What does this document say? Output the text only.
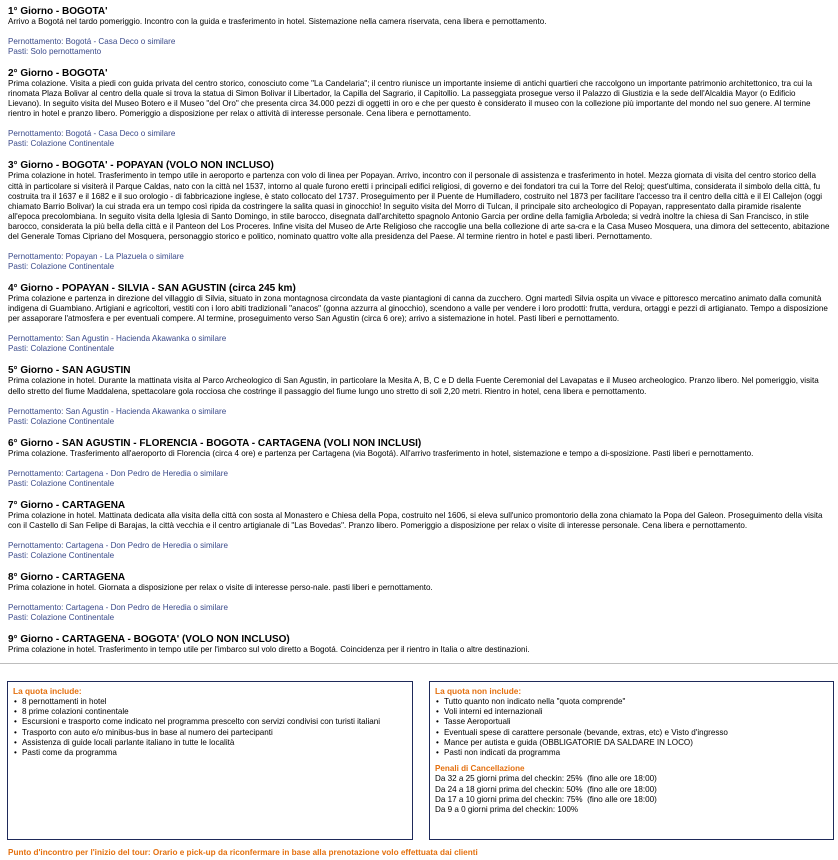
1° Giorno - BOGOTA'
Arrivo a Bogotá nel tardo pomeriggio. Incontro con la guida e trasferimento in hotel. Sistemazione nella camera riservata, cena libera e pernottamento.
Pernottamento: Bogotá - Casa Deco o similare
Pasti: Solo pernottamento
2° Giorno - BOGOTA'
Prima colazione. Visita a piedi con guida privata del centro storico, conosciuto come "La Candelaria"; il centro riunisce un importante insieme di antichi quartieri che raccolgono un importante patrimonio architettonico, tra cui la rinomata Plaza Bolivar al centro della quale si trova la statua di Simon Bolivar il Libertador, la Capilla del Sagrario, il Capitollio. La passeggiata prosegue verso il Palazzo di Giustizia e la sede dell'Alcaldia Mayor (o Edificio Lievano). In seguito visita del Museo Botero e il Museo "del Oro" che presenta circa 34.000 pezzi di oggetti in oro e che per questo è considerato il museo con la collezione più importante del mondo nel suo genere. Al termine rientro in hotel e pranzo libero. Pomeriggio a disposizione per relax o attività di interesse personale. Cena libera e pernottamento.
Pernottamento: Bogotá - Casa Deco o similare
Pasti: Colazione Continentale
3° Giorno - BOGOTA' - POPAYAN (VOLO NON INCLUSO)
Prima colazione in hotel. Trasferimento in tempo utile in aeroporto e partenza con volo di linea per Popayan. Arrivo, incontro con il personale di assistenza e trasferimento in hotel. Mezza giornata di visita del centro storico della città in particolare si visiterà il Parque Caldas, nato con la città nel 1537, intorno al quale furono eretti i principali edifici religiosi, di governo e dei fondatori tra cui la Torre del Reloj; quest'ultima, considerata il simbolo della città, fu costruita tra il 1637 e il 1682 e il suo orologio - di fabbricazione inglese, è stato collocato del 1737. Proseguimento per il Puente de Humilladero, costruito nel 1873 per facilitare l'accesso tra il centro della città e il El Callejon (oggi chiamato Barrio Bolivar) la cui strada era un tempo così ripida da costringere la salita quasi in ginocchio! In seguito visita del Morro di Tulcan, il principale sito archeologico di Popayan, rappresentato dalla piramide risalente all'epoca precolombiana. In seguito visita della Iglesia di Santo Domingo, in stile barocco, disegnata dall'architetto spagnolo Antonio Garcia per ordine della famiglia Arboleda; si vedrà inoltre la chiesa di San Francisco, in stile barocco, considerata la più bella della città e il Panteon del Los Proceres. Infine visita del Museo de Arte Religioso che raccoglie una bella collezione di arte sa-cra e la Casa Museo Mosquera, una dimora del settecento, abitazione del Generale Tomas Cipriano del Mosquera, personaggio storico e politico, nominato quattro volte alla presidenza del Paese. Al termine rientro in hotel e pasti liberi. Pernottamento.
Pernottamento: Popayan - La Plazuela o similare
Pasti: Colazione Continentale
4° Giorno - POPAYAN - SILVIA - SAN AGUSTIN (circa 245 km)
Prima colazione e partenza in direzione del villaggio di Silvia, situato in zona montagnosa circondata da vaste piantagioni di canna da zucchero. Ogni martedì Silvia ospita un vivace e pittoresco mercatino animato dalla comunità indigena di Guambiano. Artigiani e agricoltori, vestiti con i loro abiti tradizionali "anacos" (gonna azzurra al ginocchio), scendono a valle per vendere i loro prodotti: frutta, verdura, ortaggi e pezzi di artigianato. Tempo a disposizione per assaporare l'atmosfera e per eventuali compere. Al termine, proseguimento verso San Agustin (circa 6 ore); arrivo a sistemazione in hotel. Pasti liberi e pernottamento.
Pernottamento: San Agustin - Hacienda Akawanka o similare
Pasti: Colazione Continentale
5° Giorno - SAN AGUSTIN
Prima colazione in hotel. Durante la mattinata visita al Parco Archeologico di San Agustin, in particolare la Mesita A, B, C e D della Fuente Ceremonial del Lavapatas e il Museo archeologico. Pranzo libero. Nel pomeriggio, visita dello stretto del fiume Maddalena, spettacolare gola rocciosa che costringe il passaggio del fiume lungo uno stretto di soli 2,20 metri. Rientro in hotel, cena libera e pernottamento.
Pernottamento: San Agustin - Hacienda Akawanka o similare
Pasti: Colazione Continentale
6° Giorno - SAN AGUSTIN - FLORENCIA - BOGOTA - CARTAGENA (VOLI NON INCLUSI)
Prima colazione. Trasferimento all'aeroporto di Florencia (circa 4 ore) e partenza per Cartagena (via Bogotá). All'arrivo trasferimento in hotel, sistemazione e tempo a di-sposizione. Pasti liberi e pernottamento.
Pernottamento: Cartagena - Don Pedro de Heredia o similare
Pasti: Colazione Continentale
7° Giorno - CARTAGENA
Prima colazione in hotel. Mattinata dedicata alla visita della città con sosta al Monastero e Chiesa della Popa, costruito nel 1606, si eleva sull'unico promontorio della zona chiamato la Popa del Galeon. Proseguimento della visita con il Castello di San Felipe di Barajas, la città vecchia e il centro artigianale di "Las Bovedas". Pranzo libero. Pomeriggio a disposizione per relax o visite di interesse personale. Cena libera e pernottamento.
Pernottamento: Cartagena - Don Pedro de Heredia o similare
Pasti: Colazione Continentale
8° Giorno - CARTAGENA
Prima colazione in hotel. Giornata a disposizione per relax o visite di interesse perso-nale. pasti liberi e pernottamento.
Pernottamento: Cartagena - Don Pedro de Heredia o similare
Pasti: Colazione Continentale
9° Giorno - CARTAGENA - BOGOTA' (VOLO NON INCLUSO)
Prima colazione in hotel. Trasferimento in tempo utile per l'imbarco sul volo diretto a Bogotá. Coincidenza per il rientro in Italia o altre destinazioni.
La quota include:
• 8 pernottamenti in hotel
• 8 prime colazioni continentale
• Escursioni e trasporto come indicato nel programma prescelto con servizi condivisi con turisti italiani
• Trasporto con auto e/o minibus-bus in base al numero dei partecipanti
• Assistenza di guide locali parlante italiano in tutte le località
• Pasti come da programma
La quota non include:
• Tutto quanto non indicato nella "quota comprende"
• Voli interni ed internazionali
• Tasse Aeroportuali
• Eventuali spese di carattere personale (bevande, extras, etc) e Visto d'ingresso
• Mance per autista e guida (OBBLIGATORIE DA SALDARE IN LOCO)
• Pasti non indicati da programma
Penali di Cancellazione
Da 32 a 25 giorni prima del checkin: 25%  (fino alle ore 18:00)
Da 24 a 18 giorni prima del checkin: 50%  (fino alle ore 18:00)
Da 17 a 10 giorni prima del checkin: 75%  (fino alle ore 18:00)
Da 9 a 0 giorni prima del checkin: 100%
Punto d'incontro per l'inizio del tour: Orario e pick-up da riconfermare in base alla prenotazione volo effettuata dai clienti
